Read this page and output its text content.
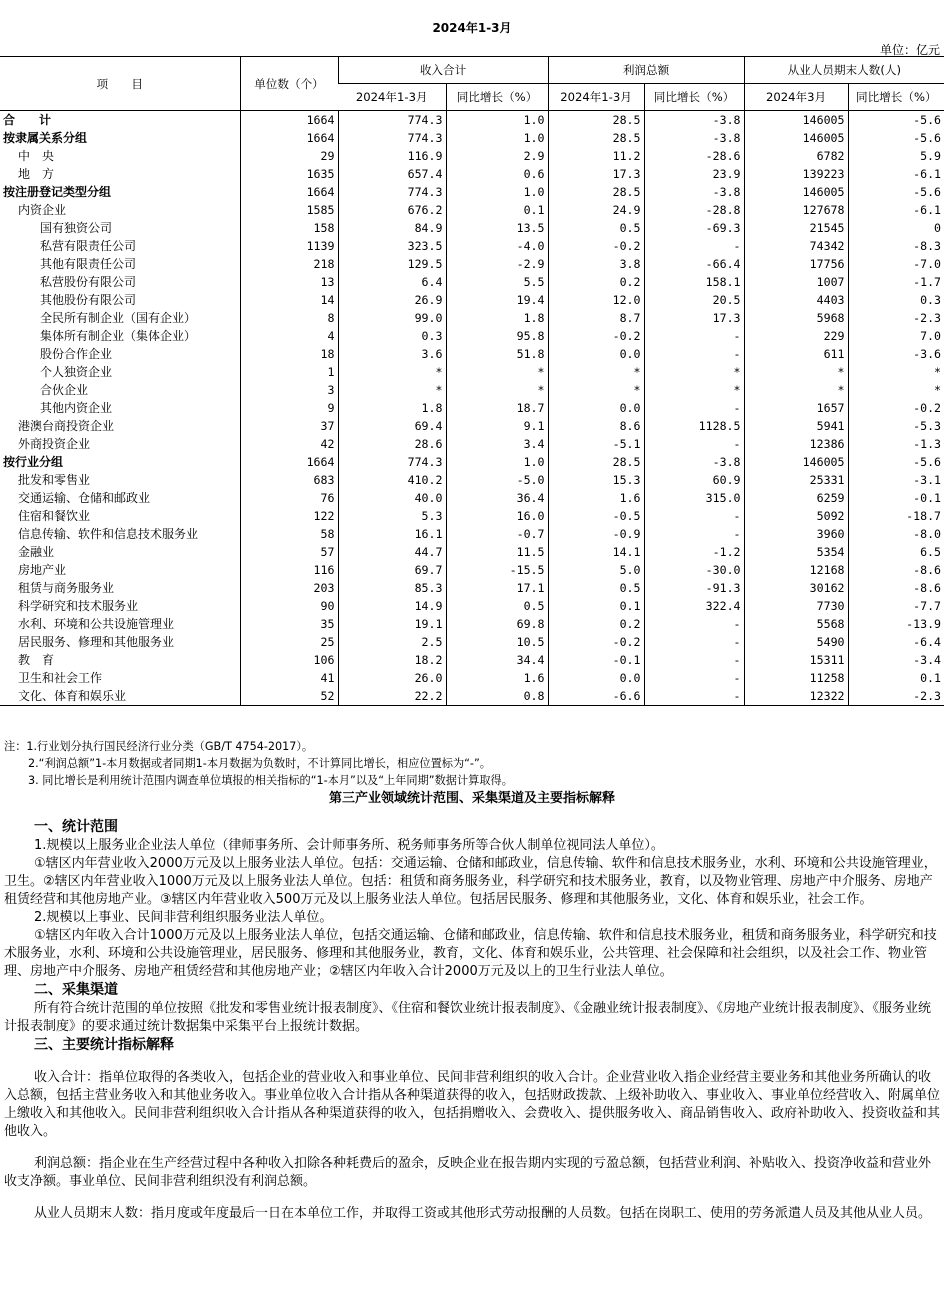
2024年1-3月
单位：亿元
项　　目	单位数（个）	收入合计		利润总额		从业人员期末人数(人)	
		2024年1-3月	同比增长（%）	2024年1-3月	同比增长（%）	2024年3月	同比增长（%）
合　　计	1664	774.3	1.0	28.5	-3.8	146005	-5.6
按隶属关系分组	1664	774.3	1.0	28.5	-3.8	146005	-5.6
中　央	29	116.9	2.9	11.2	-28.6	6782	5.9
地　方	1635	657.4	0.6	17.3	23.9	139223	-6.1
按注册登记类型分组	1664	774.3	1.0	28.5	-3.8	146005	-5.6
内资企业	1585	676.2	0.1	24.9	-28.8	127678	-6.1
国有独资公司	158	84.9	13.5	0.5	-69.3	21545	0
私营有限责任公司	1139	323.5	-4.0	-0.2	-	74342	-8.3
其他有限责任公司	218	129.5	-2.9	3.8	-66.4	17756	-7.0
私营股份有限公司	13	6.4	5.5	0.2	158.1	1007	-1.7
其他股份有限公司	14	26.9	19.4	12.0	20.5	4403	0.3
全民所有制企业（国有企业）	8	99.0	1.8	8.7	17.3	5968	-2.3
集体所有制企业（集体企业）	4	0.3	95.8	-0.2	-	229	7.0
股份合作企业	18	3.6	51.8	0.0	-	611	-3.6
个人独资企业	1	*	*	*	*	*	*
合伙企业	3	*	*	*	*	*	*
其他内资企业	9	1.8	18.7	0.0	-	1657	-0.2
港澳台商投资企业	37	69.4	9.1	8.6	1128.5	5941	-5.3
外商投资企业	42	28.6	3.4	-5.1	-	12386	-1.3
按行业分组	1664	774.3	1.0	28.5	-3.8	146005	-5.6
批发和零售业	683	410.2	-5.0	15.3	60.9	25331	-3.1
交通运输、仓储和邮政业	76	40.0	36.4	1.6	315.0	6259	-0.1
住宿和餐饮业	122	5.3	16.0	-0.5	-	5092	-18.7
信息传输、软件和信息技术服务业	58	16.1	-0.7	-0.9	-	3960	-8.0
金融业	57	44.7	11.5	14.1	-1.2	5354	6.5
房地产业	116	69.7	-15.5	5.0	-30.0	12168	-8.6
租赁与商务服务业	203	85.3	17.1	0.5	-91.3	30162	-8.6
科学研究和技术服务业	90	14.9	0.5	0.1	322.4	7730	-7.7
水利、环境和公共设施管理业	35	19.1	69.8	0.2	-	5568	-13.9
居民服务、修理和其他服务业	25	2.5	10.5	-0.2	-	5490	-6.4
教　育	106	18.2	34.4	-0.1	-	15311	-3.4
卫生和社会工作	41	26.0	1.6	0.0	-	11258	0.1
文化、体育和娱乐业	52	22.2	0.8	-6.6	-	12322	-2.3
注：1.行业划分执行国民经济行业分类（GB/T 4754-2017）。
2.“利润总额”1-本月数据或者同期1-本月数据为负数时，不计算同比增长，相应位置标为“-”。
3. 同比增长是利用统计范围内调查单位填报的相关指标的“1-本月”以及“上年同期”数据计算取得。
第三产业领域统计范围、采集渠道及主要指标解释
一、统计范围

1.规模以上服务业企业法人单位（律师事务所、会计师事务所、税务师事务所等合伙人制单位视同法人单位）。

①辖区内年营业收入2000万元及以上服务业法人单位。包括：交通运输、仓储和邮政业，信息传输、软件和信息技术服务业，水利、环境和公共设施管理业，卫生。②辖区内年营业收入1000万元及以上服务业法人单位。包括：租赁和商务服务业，科学研究和技术服务业，教育，以及物业管理、房地产中介服务、房地产租赁经营和其他房地产业。③辖区内年营业收入500万元及以上服务业法人单位。包括居民服务、修理和其他服务业，文化、体育和娱乐业，社会工作。

2.规模以上事业、民间非营利组织服务业法人单位。

①辖区内年收入合计1000万元及以上服务业法人单位，包括交通运输、仓储和邮政业，信息传输、软件和信息技术服务业，租赁和商务服务业，科学研究和技术服务业，水利、环境和公共设施管理业，居民服务、修理和其他服务业，教育，文化、体育和娱乐业，公共管理、社会保障和社会组织，以及社会工作、物业管理、房地产中介服务、房地产租赁经营和其他房地产业；②辖区内年收入合计2000万元及以上的卫生行业法人单位。

二、采集渠道

所有符合统计范围的单位按照《批发和零售业统计报表制度》、《住宿和餐饮业统计报表制度》、《金融业统计报表制度》、《房地产业统计报表制度》、《服务业统计报表制度》的要求通过统计数据集中采集平台上报统计数据。

三、主要统计指标解释

收入合计：指单位取得的各类收入，包括企业的营业收入和事业单位、民间非营利组织的收入合计。企业营业收入指企业经营主要业务和其他业务所确认的收入总额，包括主营业务收入和其他业务收入。事业单位收入合计指从各种渠道获得的收入，包括财政拨款、上级补助收入、事业收入、事业单位经营收入、附属单位上缴收入和其他收入。民间非营利组织收入合计指从各种渠道获得的收入，包括捐赠收入、会费收入、提供服务收入、商品销售收入、政府补助收入、投资收益和其他收入。

利润总额：指企业在生产经营过程中各种收入扣除各种耗费后的盈余，反映企业在报告期内实现的亏盈总额，包括营业利润、补贴收入、投资净收益和营业外收支净额。事业单位、民间非营利组织没有利润总额。

从业人员期末人数：指月度或年度最后一日在本单位工作，并取得工资或其他形式劳动报酬的人员数。包括在岗职工、使用的劳务派遣人员及其他从业人员。
